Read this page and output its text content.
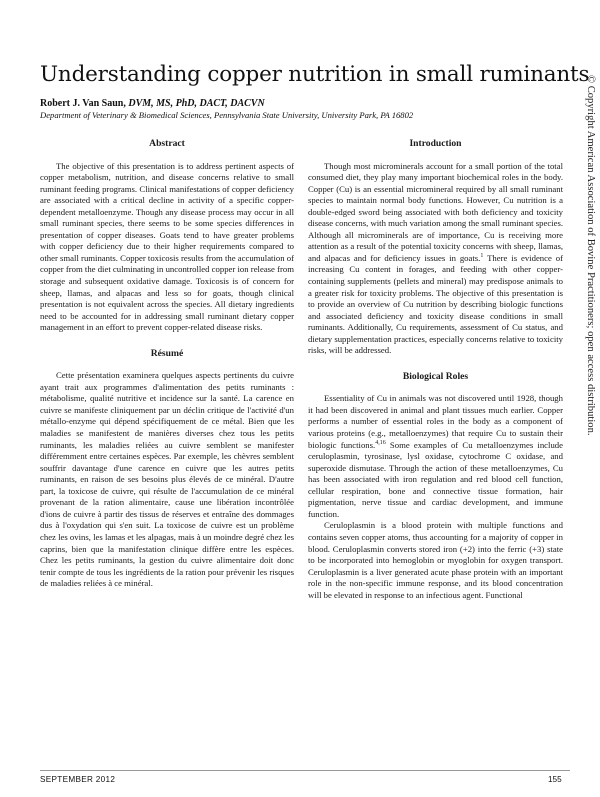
Understanding copper nutrition in small ruminants
Robert J. Van Saun, DVM, MS, PhD, DACT, DACVN
Department of Veterinary & Biomedical Sciences, Pennsylvania State University, University Park, PA 16802
Abstract

The objective of this presentation is to address pertinent aspects of copper metabolism, nutrition, and disease concerns relative to small ruminant feeding programs. Clinical manifestations of copper deficiency are associated with a critical decline in activity of a specific copper-dependent metalloenzyme. Though any disease process may occur in all small ruminant species, there seems to be some species differences in presentation of copper diseases. Goats tend to have greater problems with copper deficiency due to their higher requirements compared to other small ruminants. Copper toxicosis results from the accumulation of copper from the diet culminating in uncontrolled copper ion release from storage and subsequent oxidative damage. Toxicosis is of concern for sheep, llamas, and alpacas and less so for goats, though clinical presentation is not equivalent across the species. All dietary ingredients need to be accounted for in addressing small ruminant dietary copper management in an effort to prevent copper-related disease risks.

Résumé

Cette présentation examinera quelques aspects pertinents du cuivre ayant trait aux programmes d'alimentation des petits ruminants : métabolisme, qualité nutritive et incidence sur la santé. La carence en cuivre se manifeste cliniquement par un déclin critique de l'activité d'un métallo-enzyme qui dépend spécifiquement de ce métal. Bien que les maladies se manifestent de manières diverses chez tous les petits ruminants, les maladies reliées au cuivre semblent se manifester différemment entre certaines espèces. Par exemple, les chèvres semblent souffrir davantage d'une carence en cuivre que les autres petits ruminants, en raison de ses besoins plus élevés de ce minéral. D'autre part, la toxicose de cuivre, qui résulte de l'accumulation de ce minéral provenant de la ration alimentaire, cause une libération incontrôlée d'ions de cuivre à partir des tissus de réserves et entraîne des dommages dus à l'oxydation qui s'en suit. La toxicose de cuivre est un problème chez les ovins, les lamas et les alpagas, mais à un moindre degré chez les caprins, bien que la manifestation clinique diffère entre les espèces. Chez les petits ruminants, la gestion du cuivre alimentaire doit donc tenir compte de tous les ingrédients de la ration pour prévenir les risques de maladies reliées à ce minéral.

Introduction

Though most microminerals account for a small portion of the total consumed diet, they play many important biochemical roles in the body. Copper (Cu) is an essential micromineral required by all small ruminant species to maintain normal body functions. However, Cu nutrition is a double-edged sword being associated with both deficiency and toxicity disease concerns, with much variation among the small ruminant species. Although all microminerals are of importance, Cu is receiving more attention as a result of the potential toxicity concerns with sheep, llamas, and alpacas and for deficiency issues in goats.$^1$ There is evidence of increasing Cu content in forages, and feeding with other copper-containing supplements (pellets and mineral) may predispose animals to a greater risk for toxicity problems. The objective of this presentation is to provide an overview of Cu nutrition by describing biologic functions and associated deficiency and toxicity disease conditions in small ruminants. Additionally, Cu requirements, assessment of Cu status, and dietary supplementation practices, especially concerns relative to toxicity risks, will be addressed.

Biological Roles

Essentiality of Cu in animals was not discovered until 1928, though it had been discovered in animal and plant tissues much earlier. Copper performs a number of essential roles in the body as a component of various proteins (e.g., metalloenzymes) that require Cu to sustain their biologic functions.$^{4,16}$ Some examples of Cu metalloenzymes include ceruloplasmin, tyrosinase, lysl oxidase, cytochrome C oxidase, and superoxide dismutase. Through the action of these metalloenzymes, Cu has been associated with iron regulation and red blood cell function, cellular respiration, bone and connective tissue formation, hair pigmentation, nerve tissue and cardiac development, and immune function.

Ceruloplasmin is a blood protein with multiple functions and contains seven copper atoms, thus accounting for a majority of copper in blood. Ceruloplasmin converts stored iron (+2) into the ferric (+3) state to be incorporated into hemoglobin or myoglobin for oxygen transport. Ceruloplasmin is a liver generated acute phase protein with an important role in the non-specific immune response, and its blood concentration will be elevated in response to an infectious agent. Functional

SEPTEMBER 2012	155
© Copyright American Association of Bovine Practitioners; open access distribution.
